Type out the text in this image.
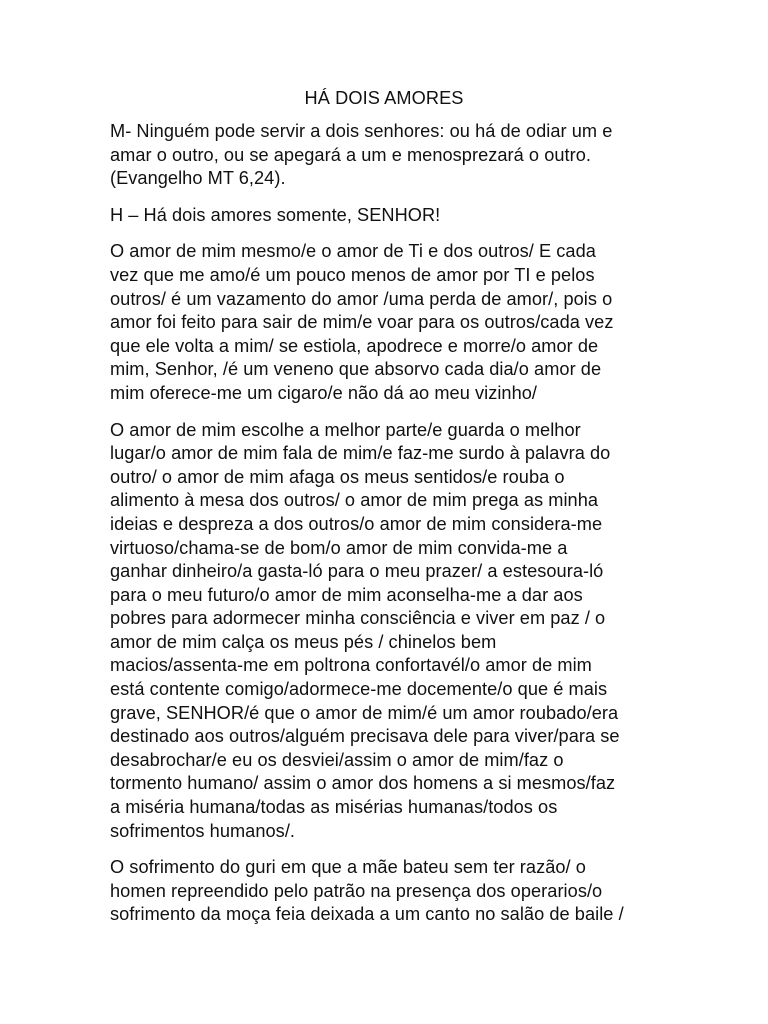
HÁ DOIS AMORES

M- Ninguém pode servir a dois senhores: ou há de odiar um e
amar o outro, ou se apegará a um e menosprezará o outro.
(Evangelho MT 6,24).

H – Há dois amores somente, SENHOR!

O amor de mim mesmo/e o amor de Ti e dos outros/ E cada
vez que me amo/é um pouco menos de amor por TI e pelos
outros/ é um vazamento do amor /uma perda de amor/, pois o
amor foi feito para sair de mim/e voar para os outros/cada vez
que ele volta a mim/ se estiola, apodrece e morre/o amor de
mim, Senhor, /é um veneno que absorvo cada dia/o amor de
mim oferece-me um cigaro/e não dá ao meu vizinho/

O amor de mim escolhe a melhor parte/e guarda o melhor
lugar/o amor de mim fala de mim/e faz-me surdo à palavra do
outro/ o amor de mim afaga os meus sentidos/e rouba o
alimento à mesa dos outros/ o amor de mim prega as minha
ideias e despreza a dos outros/o amor de mim considera-me
virtuoso/chama-se de bom/o amor de mim convida-me a
ganhar dinheiro/a gasta-ló para o meu prazer/ a estesoura-ló
para o meu futuro/o amor de mim aconselha-me a dar aos
pobres para adormecer minha consciência e viver em paz / o
amor de mim calça os meus pés / chinelos bem
macios/assenta-me em poltrona confortavél/o amor de mim
está contente comigo/adormece-me docemente/o que é mais
grave, SENHOR/é que o amor de mim/é um amor roubado/era
destinado aos outros/alguém precisava dele para viver/para se
desabrochar/e eu os desviei/assim o amor de mim/faz o
tormento humano/ assim o amor dos homens a si mesmos/faz
a miséria humana/todas as misérias humanas/todos os
sofrimentos humanos/.

O sofrimento do guri em que a mãe bateu sem ter razão/ o
homen repreendido pelo patrão na presença dos operarios/o
sofrimento da moça feia deixada a um canto no salão de baile /
